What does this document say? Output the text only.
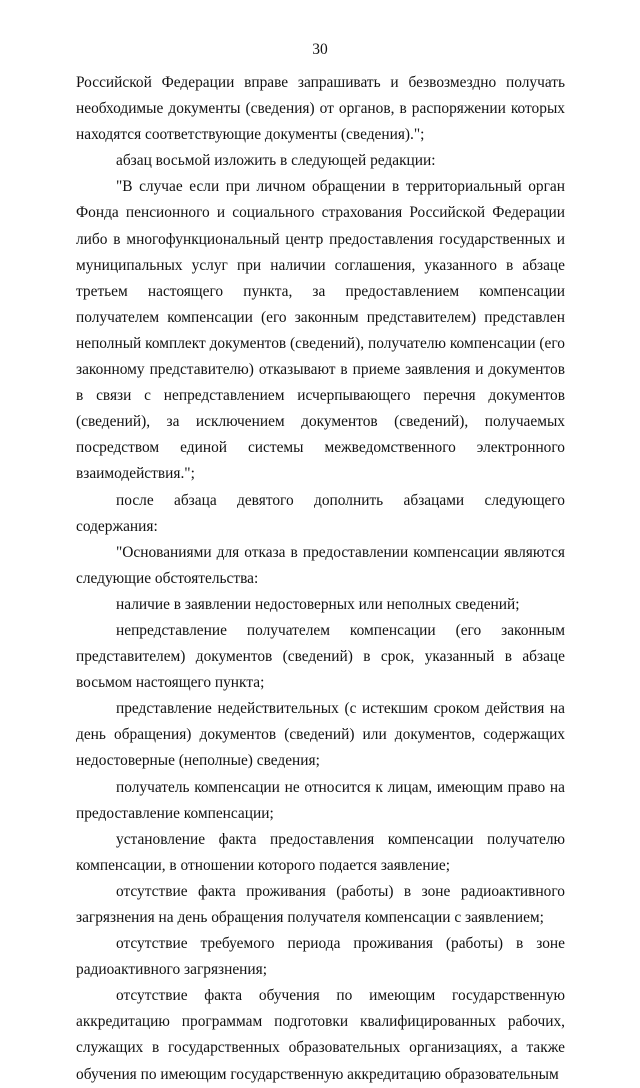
30

Российской Федерации вправе запрашивать и безвозмездно получать необходимые документы (сведения) от органов, в распоряжении которых находятся соответствующие документы (сведения).";

абзац восьмой изложить в следующей редакции:

"В случае если при личном обращении в территориальный орган Фонда пенсионного и социального страхования Российской Федерации либо в многофункциональный центр предоставления государственных и муниципальных услуг при наличии соглашения, указанного в абзаце третьем настоящего пункта, за предоставлением компенсации получателем компенсации (его законным представителем) представлен неполный комплект документов (сведений), получателю компенсации (его законному представителю) отказывают в приеме заявления и документов в связи с непредставлением исчерпывающего перечня документов (сведений), за исключением документов (сведений), получаемых посредством единой системы межведомственного электронного взаимодействия.";

после абзаца девятого дополнить абзацами следующего содержания:

"Основаниями для отказа в предоставлении компенсации являются следующие обстоятельства:

наличие в заявлении недостоверных или неполных сведений;

непредставление получателем компенсации (его законным представителем) документов (сведений) в срок, указанный в абзаце восьмом настоящего пункта;

представление недействительных (с истекшим сроком действия на день обращения) документов (сведений) или документов, содержащих недостоверные (неполные) сведения;

получатель компенсации не относится к лицам, имеющим право на предоставление компенсации;

установление факта предоставления компенсации получателю компенсации, в отношении которого подается заявление;

отсутствие факта проживания (работы) в зоне радиоактивного загрязнения на день обращения получателя компенсации с заявлением;

отсутствие требуемого периода проживания (работы) в зоне радиоактивного загрязнения;

отсутствие факта обучения по имеющим государственную аккредитацию программам подготовки квалифицированных рабочих, служащих в государственных образовательных организациях, а также обучения по имеющим государственную аккредитацию образовательным
